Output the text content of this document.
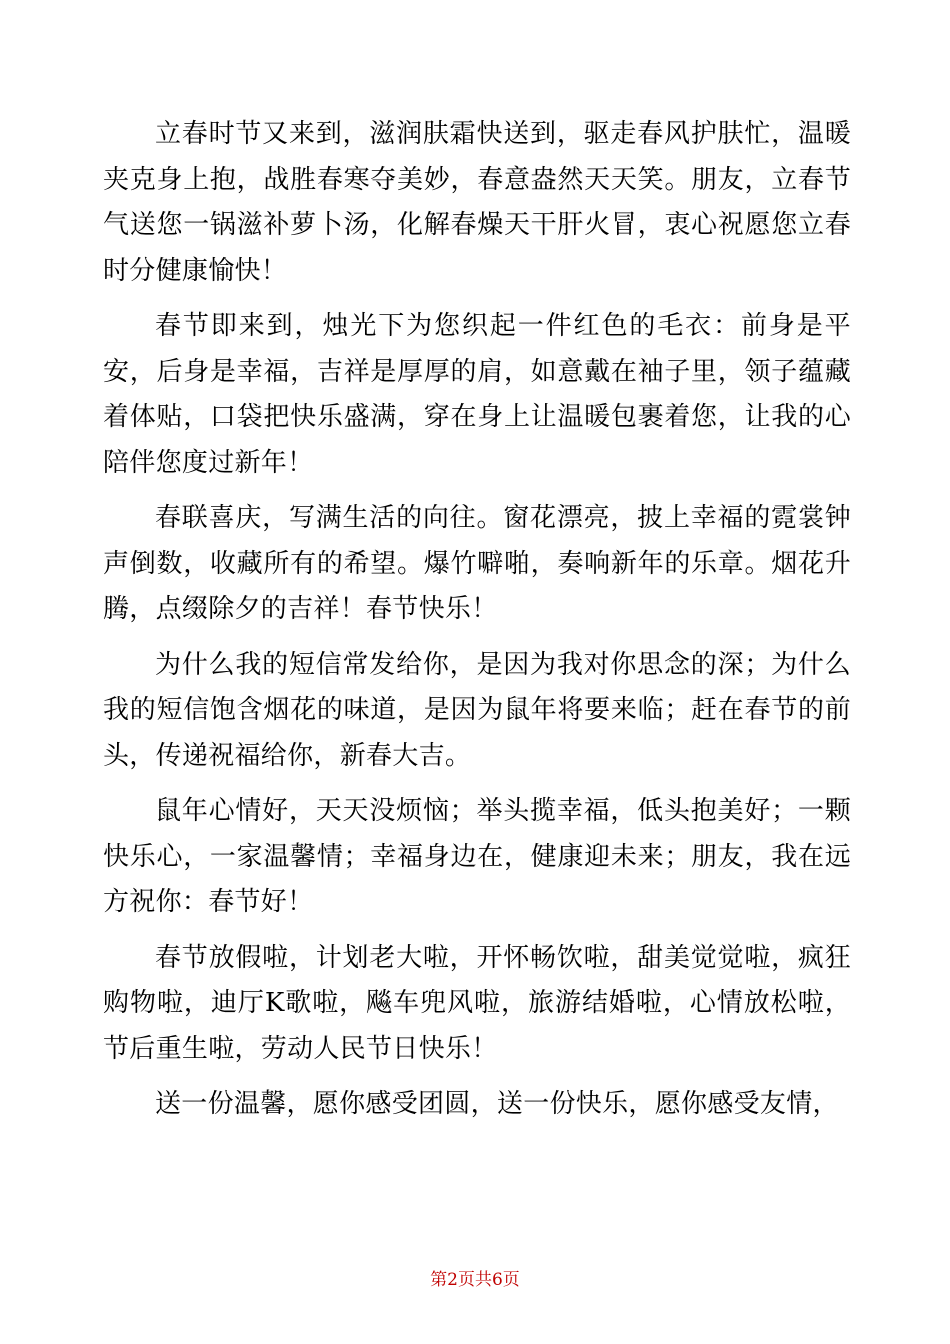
立春时节又来到，滋润肤霜快送到，驱走春风护肤忙，温暖夹克身上抱，战胜春寒夺美妙，春意盎然天天笑。朋友，立春节气送您一锅滋补萝卜汤，化解春燥天干肝火冒，衷心祝愿您立春时分健康愉快！

春节即来到，烛光下为您织起一件红色的毛衣：前身是平安，后身是幸福，吉祥是厚厚的肩，如意戴在袖子里，领子蕴藏着体贴，口袋把快乐盛满，穿在身上让温暖包裹着您，让我的心陪伴您度过新年！

春联喜庆，写满生活的向往。窗花漂亮，披上幸福的霓裳钟声倒数，收藏所有的希望。爆竹噼啪，奏响新年的乐章。烟花升腾，点缀除夕的吉祥！春节快乐！

为什么我的短信常发给你，是因为我对你思念的深；为什么我的短信饱含烟花的味道，是因为鼠年将要来临；赶在春节的前头，传递祝福给你，新春大吉。

鼠年心情好，天天没烦恼；举头揽幸福，低头抱美好；一颗快乐心，一家温馨情；幸福身边在，健康迎未来；朋友，我在远方祝你：春节好！

春节放假啦，计划老大啦，开怀畅饮啦，甜美觉觉啦，疯狂购物啦，迪厅K歌啦，飚车兜风啦，旅游结婚啦，心情放松啦，节后重生啦，劳动人民节日快乐！

送一份温馨，愿你感受团圆，送一份快乐，愿你感受友情，

第2页共6页
